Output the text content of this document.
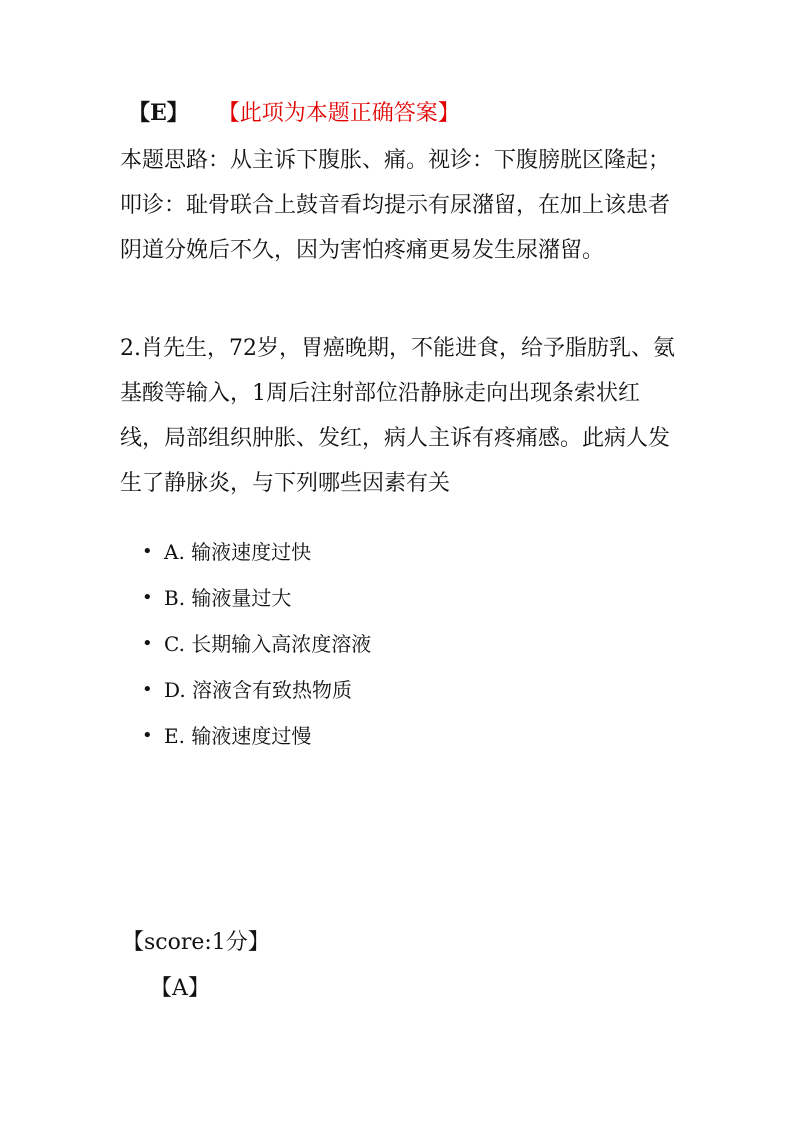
【E】 【此项为本题正确答案】
本题思路：从主诉下腹胀、痛。视诊：下腹膀胱区隆起；叩诊：耻骨联合上鼓音看均提示有尿潴留，在加上该患者阴道分娩后不久，因为害怕疼痛更易发生尿潴留。
2.肖先生，72岁，胃癌晚期，不能进食，给予脂肪乳、氨基酸等输入，1周后注射部位沿静脉走向出现条索状红线，局部组织肿胀、发红，病人主诉有疼痛感。此病人发生了静脉炎，与下列哪些因素有关
• A. 输液速度过快
• B. 输液量过大
• C. 长期输入高浓度溶液
• D. 溶液含有致热物质
• E. 输液速度过慢
【score:1分】
【A】
